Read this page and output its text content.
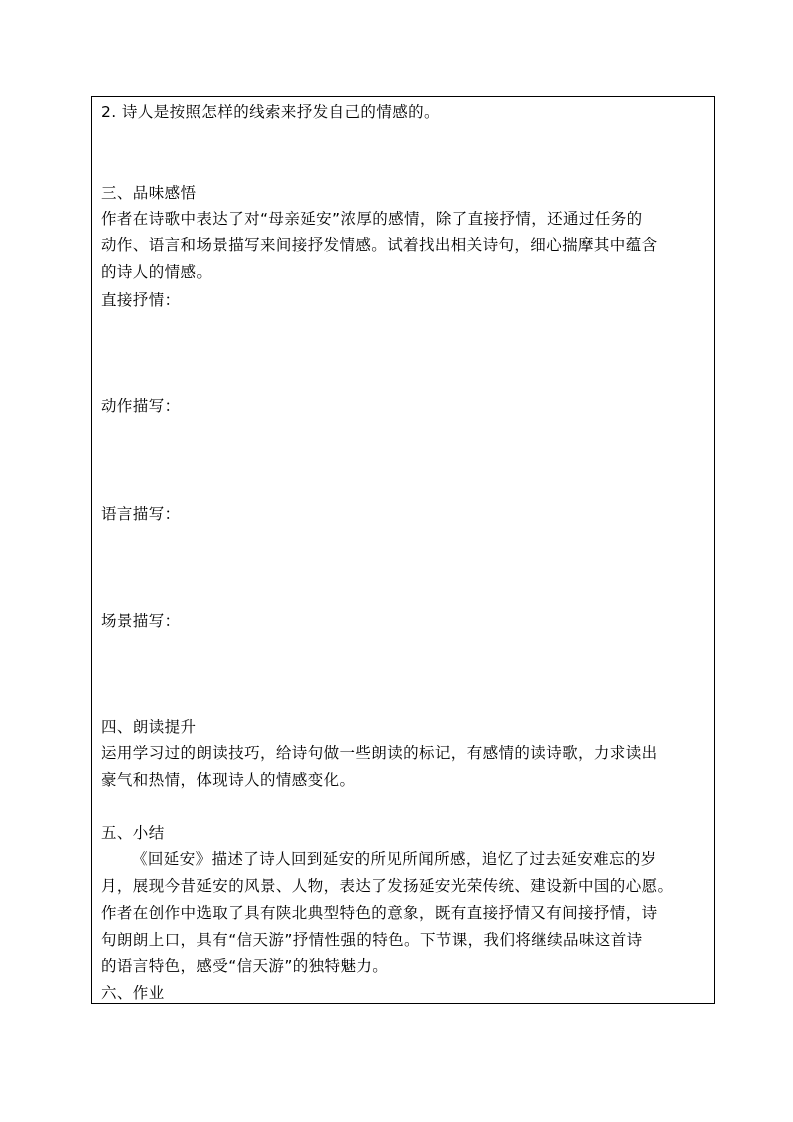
2. 诗人是按照怎样的线索来抒发自己的情感的。

三、品味感悟

作者在诗歌中表达了对“母亲延安”浓厚的感情，除了直接抒情，还通过任务的

动作、语言和场景描写来间接抒发情感。试着找出相关诗句，细心揣摩其中蕴含

的诗人的情感。

直接抒情：

动作描写：

语言描写：

场景描写：

四、朗读提升

运用学习过的朗读技巧，给诗句做一些朗读的标记，有感情的读诗歌，力求读出

豪气和热情，体现诗人的情感变化。

五、小结

《回延安》描述了诗人回到延安的所见所闻所感，追忆了过去延安难忘的岁

月，展现今昔延安的风景、人物，表达了发扬延安光荣传统、建设新中国的心愿。

作者在创作中选取了具有陕北典型特色的意象，既有直接抒情又有间接抒情，诗

句朗朗上口，具有“信天游”抒情性强的特色。下节课，我们将继续品味这首诗

的语言特色，感受“信天游”的独特魅力。

六、作业
